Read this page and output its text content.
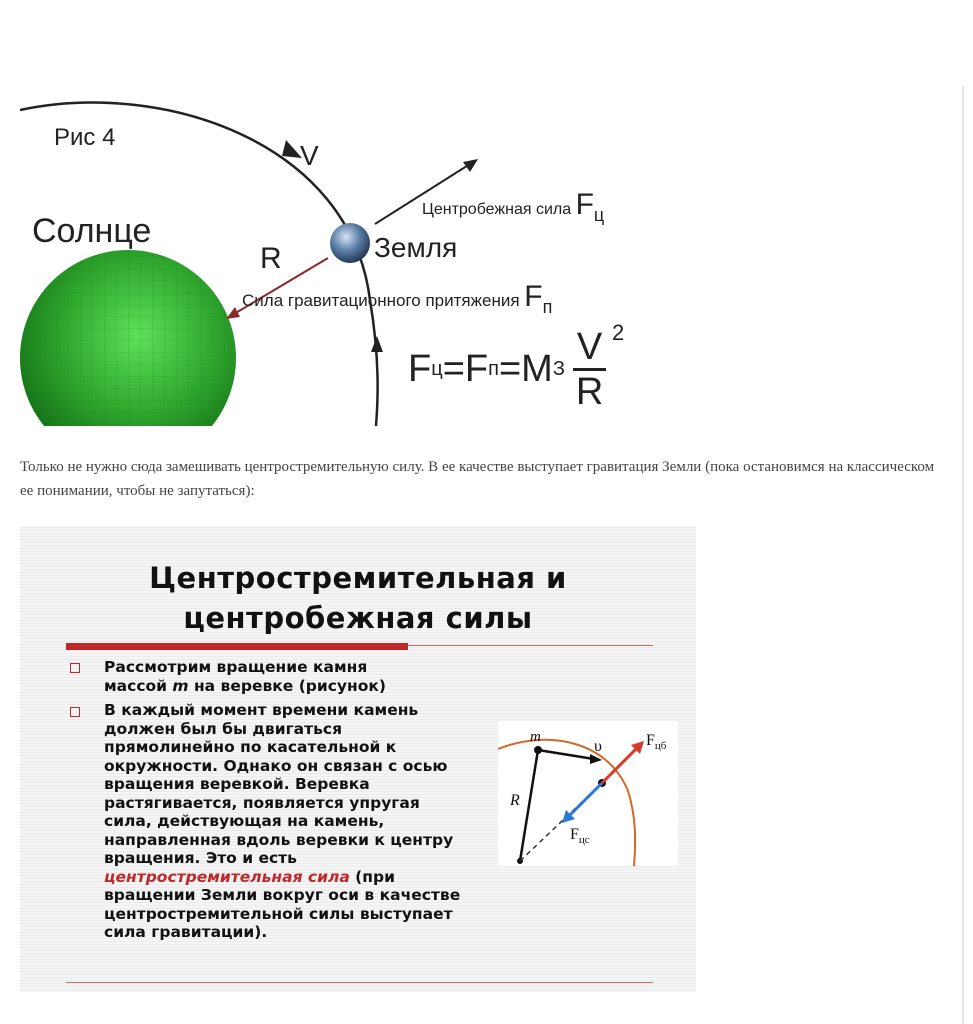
Рис 4
Солнце	Земля
V
R
Центробежная сила $F_ц$
Сила гравитационного притяжения $F_п$
F ц = F п =M З $\frac{V 2}{R}$
Только не нужно сюда замешивать центростремительную силу. В ее качестве выступает гравитация Земли (пока остановимся на классическом ее понимании, чтобы не запутаться):
Центростремительная и
центробежная силы
Рассмотрим вращение камня массой m на веревке (рисунок)
В каждый момент времени камень должен был бы двигаться прямолинейно по касательной к окружности. Однако он связан с осью вращения веревкой. Веревка растягивается, появляется упругая сила, действующая на камень, направленная вдоль веревки к центру вращения. Это и есть центростремительная сила (при вращении Земли вокруг оси в качестве центростремительной силы выступает сила гравитации).
m
υ
R
$F_{цб}$
$F_{цс}$
